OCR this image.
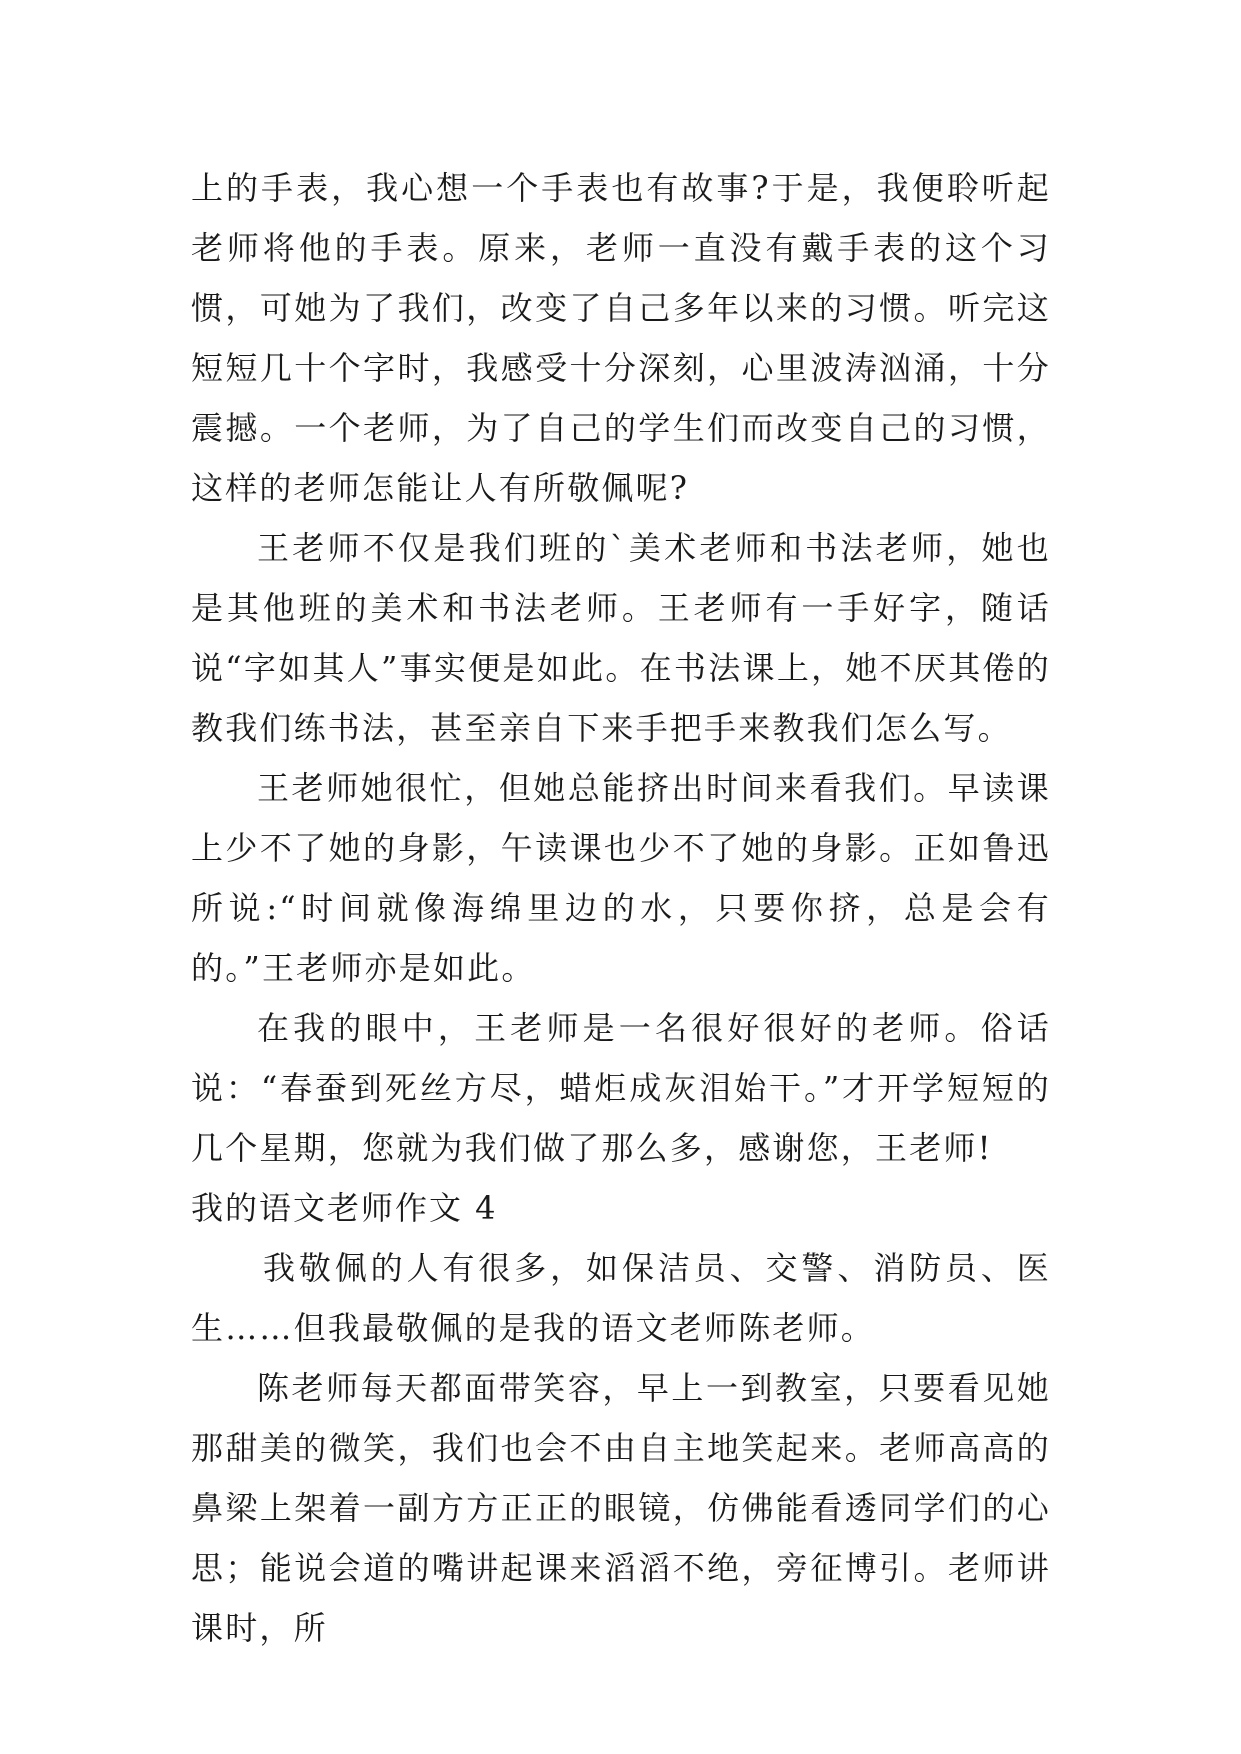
上的手表，我心想一个手表也有故事?于是，我便聆听起老师将他的手表。原来，老师一直没有戴手表的这个习惯，可她为了我们，改变了自己多年以来的习惯。听完这短短几十个字时，我感受十分深刻，心里波涛汹涌，十分震撼。一个老师，为了自己的学生们而改变自己的习惯，这样的老师怎能让人有所敬佩呢?

王老师不仅是我们班的`美术老师和书法老师，她也是其他班的美术和书法老师。王老师有一手好字，随话说“字如其人”事实便是如此。在书法课上，她不厌其倦的教我们练书法，甚至亲自下来手把手来教我们怎么写。

王老师她很忙，但她总能挤出时间来看我们。早读课上少不了她的身影，午读课也少不了她的身影。正如鲁迅所说:“时间就像海绵里边的水，只要你挤，总是会有的。”王老师亦是如此。

在我的眼中，王老师是一名很好很好的老师。俗话说：“春蚕到死丝方尽，蜡炬成灰泪始干。”才开学短短的几个星期，您就为我们做了那么多，感谢您，王老师!

我的语文老师作文 4

我敬佩的人有很多，如保洁员、交警、消防员、医生……但我最敬佩的是我的语文老师陈老师。

陈老师每天都面带笑容，早上一到教室，只要看见她那甜美的微笑，我们也会不由自主地笑起来。老师高高的鼻梁上架着一副方方正正的眼镜，仿佛能看透同学们的心思；能说会道的嘴讲起课来滔滔不绝，旁征博引。老师讲课时，所
